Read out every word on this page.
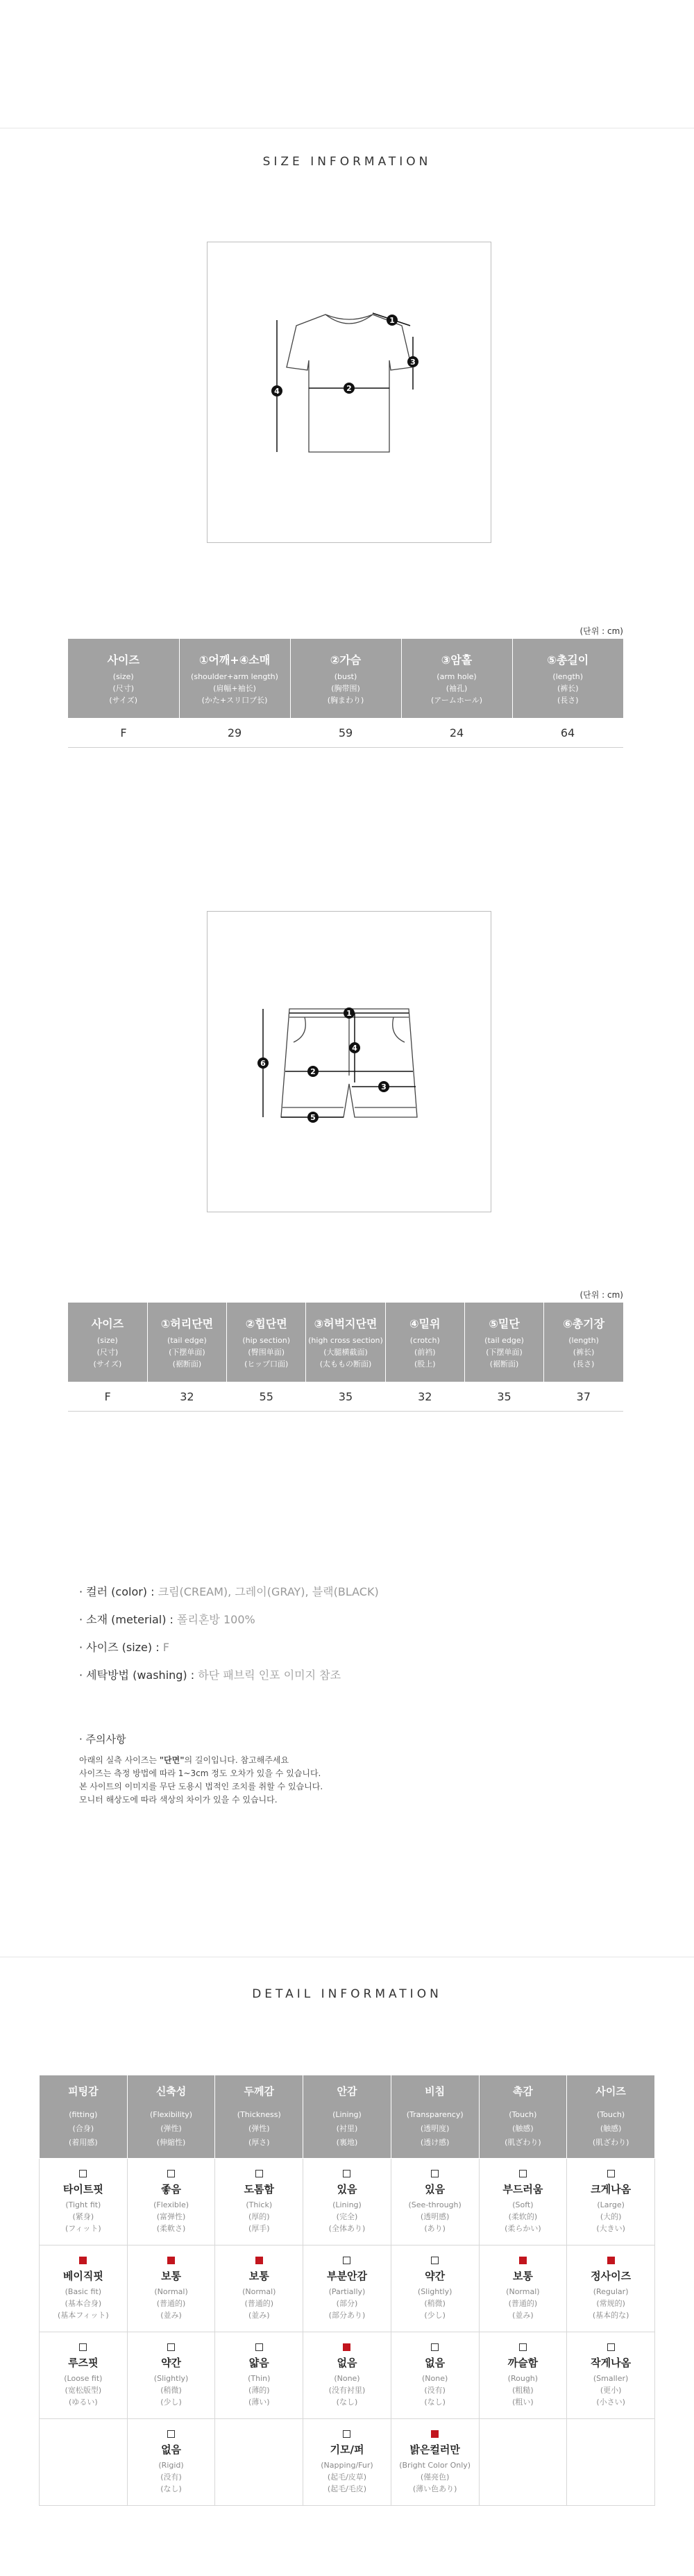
SIZE INFORMATION
1
2
3
4
(단위 : cm)
사이즈
(size)
(尺寸)
(サイズ)	①어깨+④소매
(shoulder+arm length)
(肩幅+袖长)
(かた+スリ口ブ长)	②가슴
(bust)
(胸带围)
(胸まわり)	③암홀
(arm hole)
(袖孔)
(アームホール)	⑤총길이
(length)
(裤长)
(長さ)

F	29	59	24	64
1
2
3
4
5
6
(단위 : cm)
사이즈
(size)
(尺寸)
(サイズ)	①허리단면
(tail edge)
(下摆单面)
(裾断面)	②힙단면
(hip section)
(臀围单面)
(ヒップ口面)	③허벅지단면
(high cross section)
(大腿横截面)
(太ももの断面)	④밑위
(crotch)
(前裆)
(股上)	⑤밑단
(tail edge)
(下摆单面)
(裾断面)	⑥총기장
(length)
(裤长)
(長さ)

F	32	55	35	32	35	37
· 컬러 (color) : 크림(CREAM), 그레이(GRAY), 블랙(BLACK)
· 소재 (meterial) : 폴리혼방 100%
· 사이즈 (size) : F
· 세탁방법 (washing) : 하단 패브릭 인포 이미지 참조
· 주의사항
아래의 실측 사이즈는 "단면"의 길이입니다. 참고해주세요
사이즈는 측정 방법에 따라 1~3cm 정도 오차가 있을 수 있습니다.
본 사이트의 이미지를 무단 도용시 법적인 조치를 취할 수 있습니다.
모니터 해상도에 따라 색상의 차이가 있을 수 있습니다.
DETAIL INFORMATION
피팅감
(fitting)
(合身)
(着用感)	신축성
(Flexibility)
(弹性)
(伸縮性)	두께감
(Thickness)
(弹性)
(厚さ)	안감
(Lining)
(衬里)
(裏地)	비침
(Transparency)
(透明度)
(透け感)	촉감
(Touch)
(触感)
(肌ざわり)	사이즈
(Touch)
(触感)
(肌ざわり)

타이트핏
(Tight fit)
(紧身)
(フィット)	좋음
(Flexible)
(富弹性)
(柔軟さ)	도톰함
(Thick)
(厚的)
(厚手)	있음
(Lining)
(完全)
(全体あり)	있음
(See-through)
(透明感)
(あり)	부드러움
(Soft)
(柔软的)
(柔らかい)	크게나옴
(Large)
(大的)
(大きい)

베이직핏
(Basic fit)
(基本合身)
(基本フィット)	보통
(Normal)
(普通的)
(並み)	보통
(Normal)
(普通的)
(並み)	부분안감
(Partially)
(部分)
(部分あり)	약간
(Slightly)
(稍微)
(少し)	보통
(Normal)
(普通的)
(並み)	정사이즈
(Regular)
(常规的)
(基本的な)

루즈핏
(Loose fit)
(宽松版型)
(ゆるい)	약간
(Slightly)
(稍微)
(少し)	얇음
(Thin)
(薄的)
(薄い)	없음
(None)
(没有衬里)
(なし)	없음
(None)
(没有)
(なし)	까슬함
(Rough)
(粗糙)
(粗い)	작게나옴
(Smaller)
(更小)
(小さい)

	없음
(Rigid)
(没有)
(なし)		기모/퍼
(Napping/Fur)
(起毛/皮草)
(起毛/毛皮)	밝은컬러만
(Bright Color Only)
(僅亮色)
(薄い色あり)		
